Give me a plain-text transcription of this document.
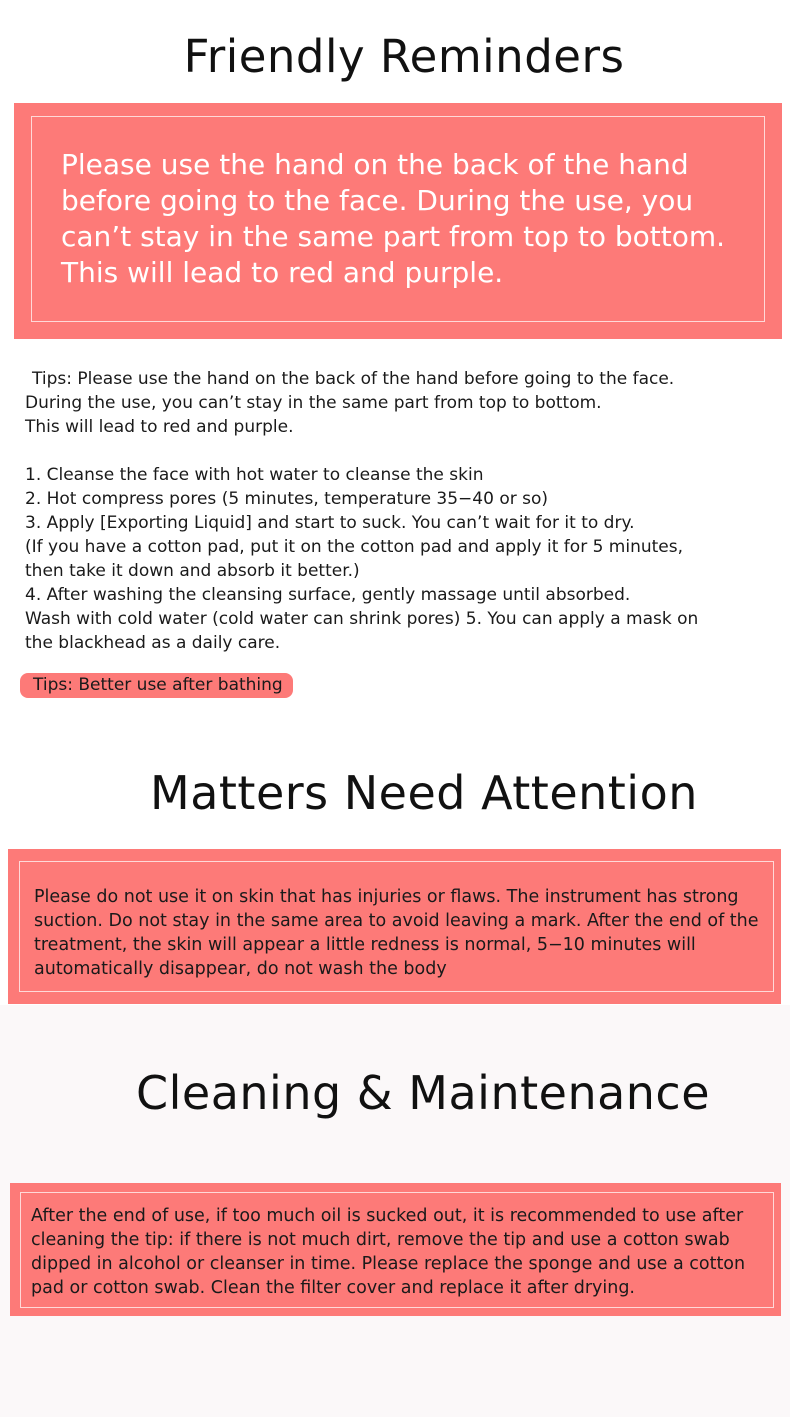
Friendly Reminders

Please use the hand on the back of the hand
before going to the face. During the use, you
can’t stay in the same part from top to bottom.
This will lead to red and purple.

Tips: Please use the hand on the back of the hand before going to the face.

During the use, you can’t stay in the same part from top to bottom.

This will lead to red and purple.

1. Cleanse the face with hot water to cleanse the skin

2. Hot compress pores (5 minutes, temperature 35−40 or so)

3. Apply [Exporting Liquid] and start to suck. You can’t wait for it to dry.

(If you have a cotton pad, put it on the cotton pad and apply it for 5 minutes,

then take it down and absorb it better.)

4. After washing the cleansing surface, gently massage until absorbed.

Wash with cold water (cold water can shrink pores) 5. You can apply a mask on

the blackhead as a daily care.

Tips: Better use after bathing
Matters Need Attention

Please do not use it on skin that has injuries or flaws. The instrument has strong
suction. Do not stay in the same area to avoid leaving a mark. After the end of the
treatment, the skin will appear a little redness is normal, 5−10 minutes will
automatically disappear, do not wash the body

Cleaning & Maintenance

After the end of use, if too much oil is sucked out, it is recommended to use after
cleaning the tip: if there is not much dirt, remove the tip and use a cotton swab
dipped in alcohol or cleanser in time. Please replace the sponge and use a cotton
pad or cotton swab. Clean the filter cover and replace it after drying.
